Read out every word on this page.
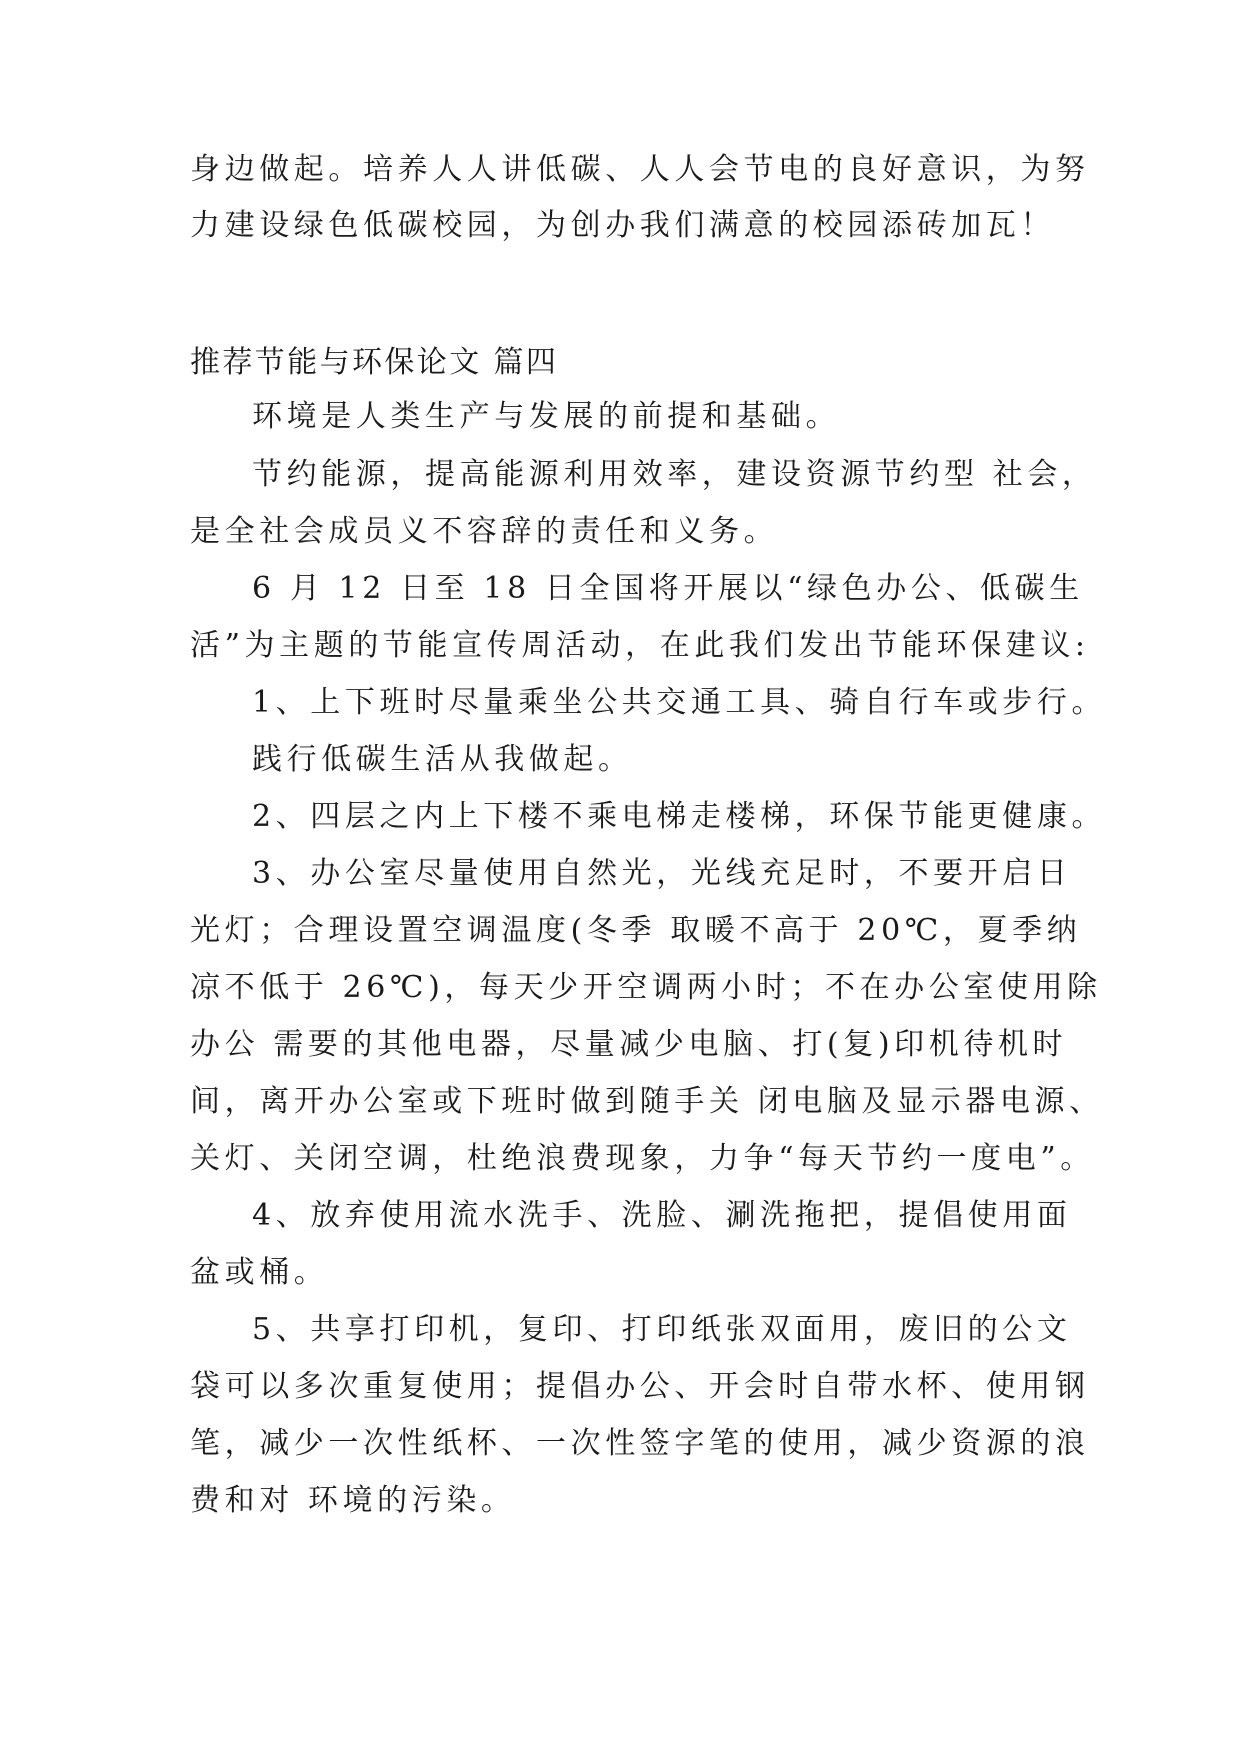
身边做起。培养人人讲低碳、人人会节电的良好意识，为努

力建设绿色低碳校园，为创办我们满意的校园添砖加瓦！

推荐节能与环保论文 篇四

环境是人类生产与发展的前提和基础。

节约能源，提高能源利用效率，建设资源节约型 社会，

是全社会成员义不容辞的责任和义务。

6 月 12 日至 18 日全国将开展以“绿色办公、低碳生

活”为主题的节能宣传周活动，在此我们发出节能环保建议:

1、上下班时尽量乘坐公共交通工具、骑自行车或步行。

践行低碳生活从我做起。

2、四层之内上下楼不乘电梯走楼梯，环保节能更健康。

3、办公室尽量使用自然光，光线充足时，不要开启日

光灯；合理设置空调温度(冬季 取暖不高于 20℃，夏季纳

凉不低于 26℃)，每天少开空调两小时；不在办公室使用除

办公 需要的其他电器，尽量减少电脑、打(复)印机待机时

间，离开办公室或下班时做到随手关 闭电脑及显示器电源、

关灯、关闭空调，杜绝浪费现象，力争“每天节约一度电”。

4、放弃使用流水洗手、洗脸、涮洗拖把，提倡使用面

盆或桶。

5、共享打印机，复印、打印纸张双面用，废旧的公文

袋可以多次重复使用；提倡办公、开会时自带水杯、使用钢

笔，减少一次性纸杯、一次性签字笔的使用，减少资源的浪

费和对 环境的污染。
